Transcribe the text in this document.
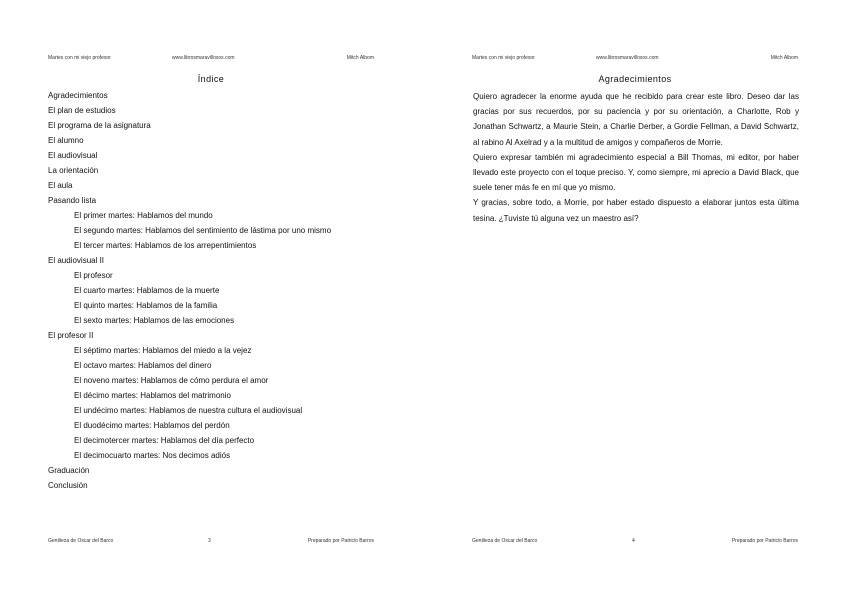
Martes con mi viejo profesor	www.librosmaravillosos.com	Mitch Albom
Índice
Agradecimientos
El plan de estudios
El programa de la asignatura
El alumno
El audiovisual
La orientación
El aula
Pasando lista
El primer martes: Hablamos del mundo
El segundo martes: Hablamos del sentimiento de lástima por uno mismo
El tercer martes: Hablamos de los arrepentimientos
El audiovisual II
El profesor
El cuarto martes: Hablamos de la muerte
El quinto martes: Hablamos de la familia
El sexto martes: Hablamos de las emociones
El profesor II
El séptimo martes: Hablamos del miedo a la vejez
El octavo martes: Hablamos del dinero
El noveno martes: Hablamos de cómo perdura el amor
El décimo martes: Hablamos del matrimonio
El undécimo martes: Hablamos de nuestra cultura el audiovisual
El duodécimo martes: Hablamos del perdón
El decimotercer martes: Hablamos del día perfecto
El decimocuarto martes: Nos decimos adiós
Graduación
Conclusión
Gentileza de Oscar del Barco	3	Preparado por Patricio Barros
Martes con mi viejo profesor	www.librosmaravillosos.com	Mitch Albom
Agradecimientos
Gentileza de Oscar del Barco	4	Preparado por Patricio Barros

Quiero agradecer la enorme ayuda que he recibido para crear este libro. Deseo dar las gracias por sus recuerdos, por su paciencia y por su orientación, a Charlotte, Rob y Jonathan Schwartz, a Maurie Stein, a Charlie Derber, a Gordie Fellman, a David Schwartz, al rabino Al Axelrad y a la multitud de amigos y compañeros de Morrie.

Quiero expresar también mi agradecimiento especial a Bill Thomas, mi editor, por haber llevado este proyecto con el toque preciso. Y, como siempre, mi aprecio a David Black, que suele tener más fe en mí que yo mismo.

Y gracias, sobre todo, a Morrie, por haber estado dispuesto a elaborar juntos esta última tesina. ¿Tuviste tú alguna vez un maestro así?
